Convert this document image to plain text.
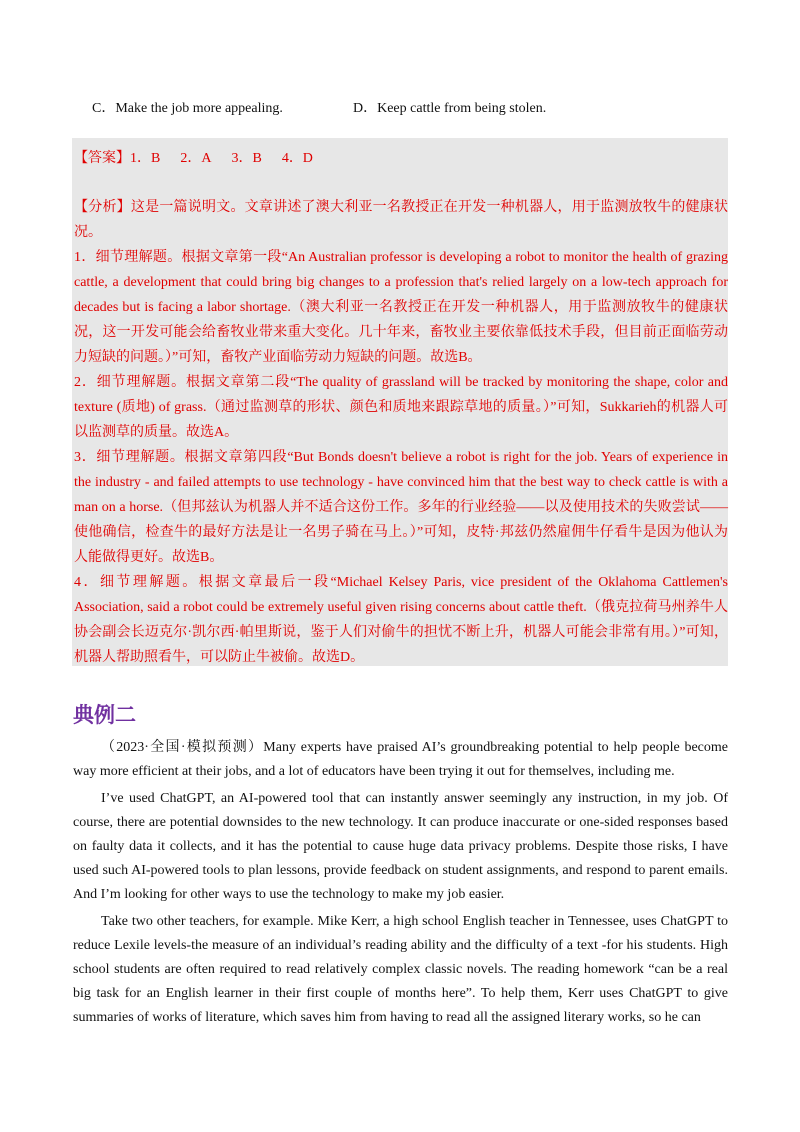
C．Make the job more appealing.	D．Keep cattle from being stolen.
【答案】1．B 2．A 3．B 4．D

【分析】这是一篇说明文。文章讲述了澳大利亚一名教授正在开发一种机器人，用于监测放牧牛的健康状况。

1．细节理解题。根据文章第一段“An Australian professor is developing a robot to monitor the health of grazing cattle, a development that could bring big changes to a profession that's relied largely on a low-tech approach for decades but is facing a labor shortage.（澳大利亚一名教授正在开发一种机器人，用于监测放牧牛的健康状况，这一开发可能会给畜牧业带来重大变化。几十年来，畜牧业主要依靠低技术手段，但目前正面临劳动力短缺的问题。）”可知，畜牧产业面临劳动力短缺的问题。故选B。

2．细节理解题。根据文章第二段“The quality of grassland will be tracked by monitoring the shape, color and texture (质地) of grass.（通过监测草的形状、颜色和质地来跟踪草地的质量。）”可知，Sukkarieh的机器人可以监测草的质量。故选A。

3．细节理解题。根据文章第四段“But Bonds doesn't believe a robot is right for the job. Years of experience in the industry - and failed attempts to use technology - have convinced him that the best way to check cattle is with a man on a horse.（但邦兹认为机器人并不适合这份工作。多年的行业经验——以及使用技术的失败尝试——使他确信，检查牛的最好方法是让一名男子骑在马上。）”可知，皮特·邦兹仍然雇佣牛仔看牛是因为他认为人能做得更好。故选B。

4．细节理解题。根据文章最后一段“Michael Kelsey Paris, vice president of the Oklahoma Cattlemen's Association, said a robot could be extremely useful given rising concerns about cattle theft.（俄克拉荷马州养牛人协会副会长迈克尔·凯尔西·帕里斯说，鉴于人们对偷牛的担忧不断上升，机器人可能会非常有用。）”可知，机器人帮助照看牛，可以防止牛被偷。故选D。

典例二

（2023·全国·模拟预测）Many experts have praised AI’s groundbreaking potential to help people become way more efficient at their jobs, and a lot of educators have been trying it out for themselves, including me.

I’ve used ChatGPT, an AI-powered tool that can instantly answer seemingly any instruction, in my job. Of course, there are potential downsides to the new technology. It can produce inaccurate or one-sided responses based on faulty data it collects, and it has the potential to cause huge data privacy problems. Despite those risks, I have used such AI-powered tools to plan lessons, provide feedback on student assignments, and respond to parent emails. And I’m looking for other ways to use the technology to make my job easier.

Take two other teachers, for example. Mike Kerr, a high school English teacher in Tennessee, uses ChatGPT to reduce Lexile levels-the measure of an individual’s reading ability and the difficulty of a text -for his students. High school students are often required to read relatively complex classic novels. The reading homework “can be a real big task for an English learner in their first couple of months here”. To help them, Kerr uses ChatGPT to give summaries of works of literature, which saves him from having to read all the assigned literary works, so he can
